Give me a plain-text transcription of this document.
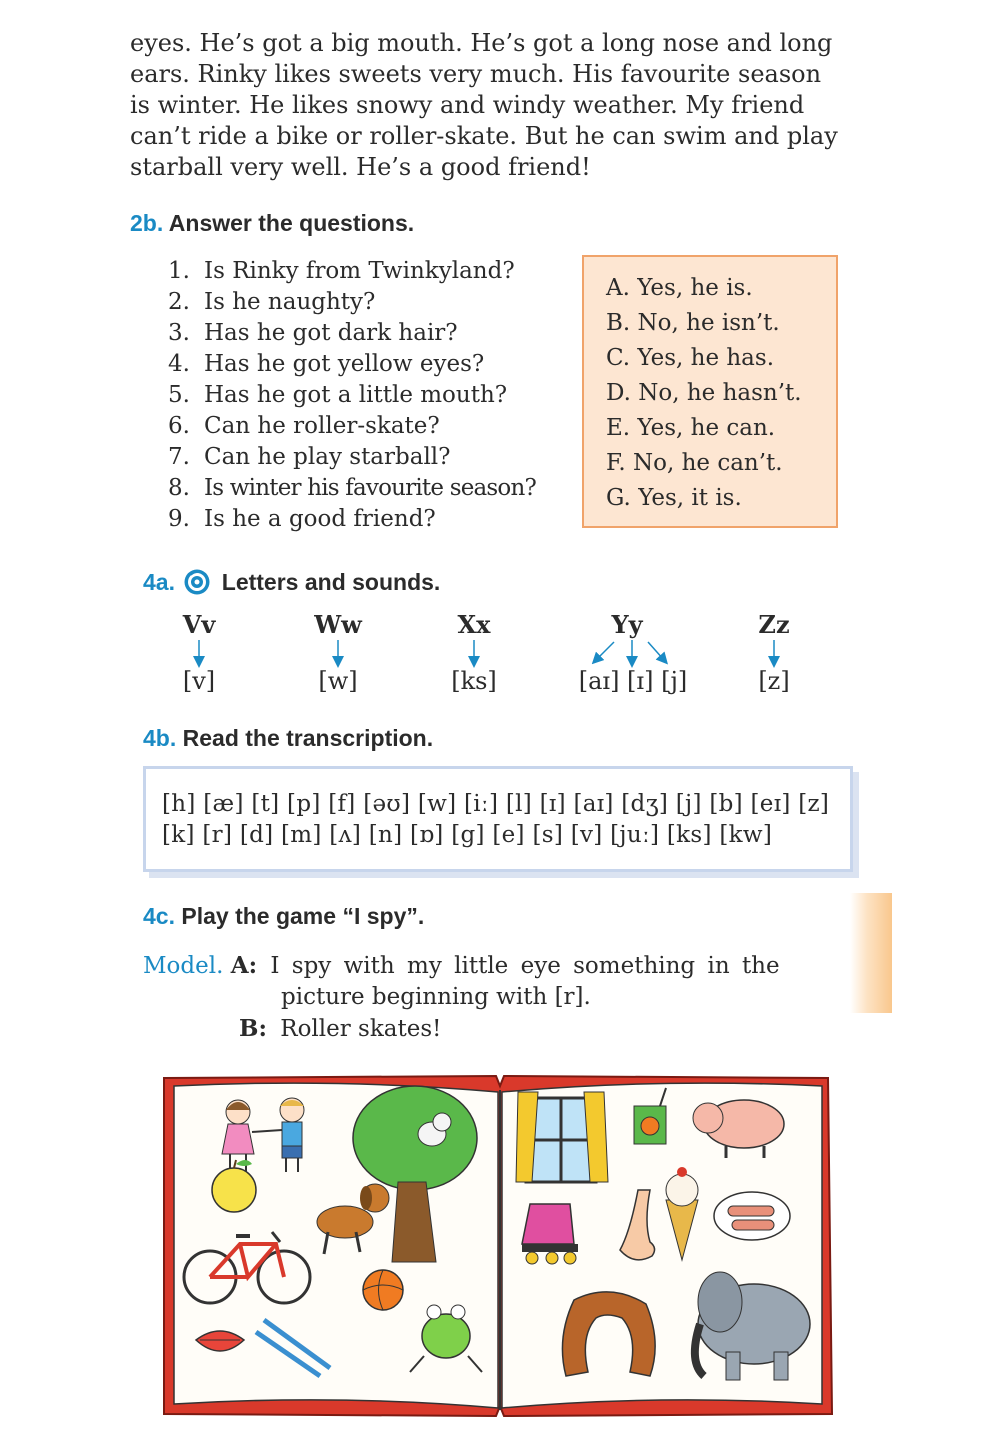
eyes. He’s got a big mouth. He’s got a long nose and long

ears. Rinky likes sweets very much. His favourite season

is winter. He likes snowy and windy weather. My friend

can’t ride a bike or roller-skate. But he can swim and play

starball very well. He’s a good friend!

2b. Answer the questions.
1. Is Rinky from Twinkyland?
2. Is he naughty?
3. Has he got dark hair?
4. Has he got yellow eyes?
5. Has he got a little mouth?
6. Can he roller-skate?
7. Can he play starball?
8. Is winter his favourite season?
9. Is he a good friend?
A. Yes, he is.
B. No, he isn’t.
C. Yes, he has.
D. No, he hasn’t.
E. Yes, he can.
F. No, he can’t.
G. Yes, it is.
4a. Letters and sounds.
Vv	Ww	Xx	Yy	Zz
[v]	[w]	[ks]	[aɪ] [ɪ] [j]	[z]
4b. Read the transcription.
[h] [æ] [t] [p] [f] [əʊ] [w] [iː] [l] [ɪ] [aɪ] [dʒ] [j] [b] [eɪ] [z]
[k] [r] [d] [m] [ʌ] [n] [ɒ] [g] [e] [s] [v] [juː] [ks] [kw]
4c. Play the game “I spy”.
Model. A: I spy with my little eye something in the
picture beginning with [r].
B: Roller skates!
